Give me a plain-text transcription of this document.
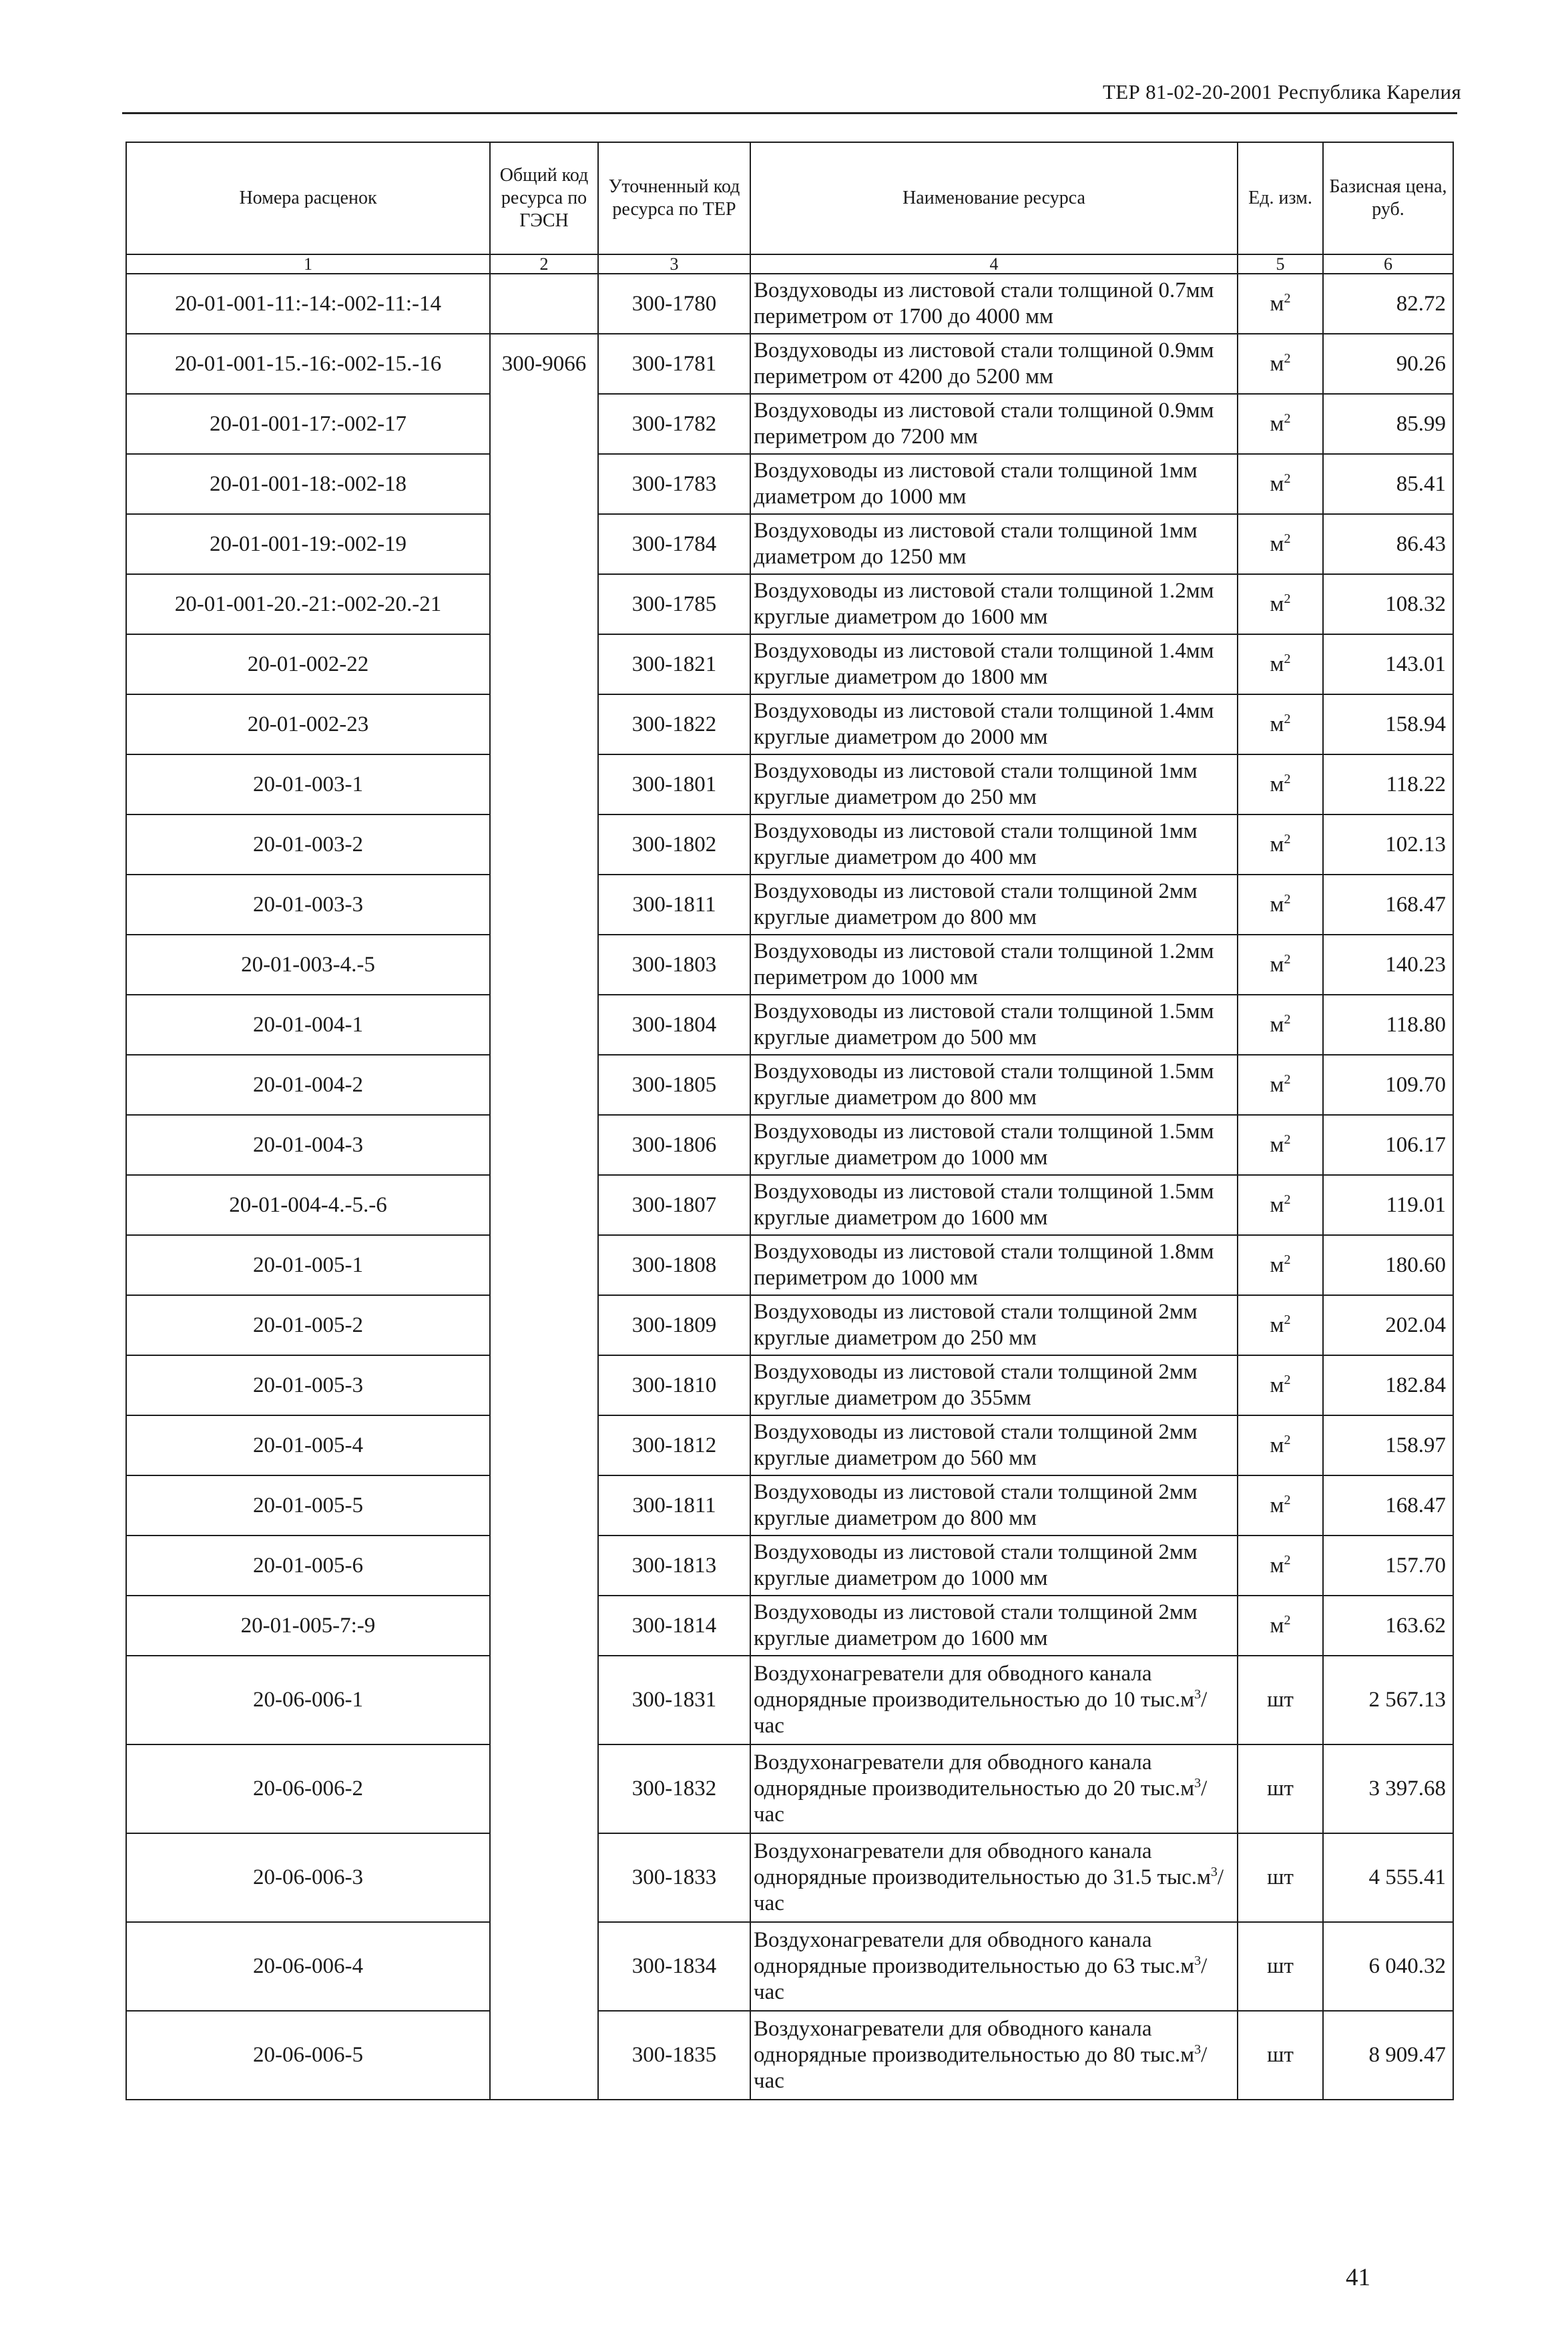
ТЕР 81-02-20-2001 Республика Карелия
Номера расценок	Общий код ресурса по ГЭСН	Уточненный код ресурса по ТЕР	Наименование ресурса	Ед. изм.	Базисная цена, руб.
1	2	3	4	5	6
20-01-001-11:-14:-002-11:-14		300-1780	Воздуховоды из листовой стали толщиной 0.7мм периметром от 1700 до 4000 мм	$м^2$	82.72
20-01-001-15.-16:-002-15.-16	300-9066	300-1781	Воздуховоды из листовой стали толщиной 0.9мм периметром от 4200 до 5200 мм	$м^2$	90.26
20-01-001-17:-002-17		300-1782	Воздуховоды из листовой стали толщиной 0.9мм периметром до 7200 мм	$м^2$	85.99
20-01-001-18:-002-18		300-1783	Воздуховоды из листовой стали толщиной 1мм диаметром до 1000 мм	$м^2$	85.41
20-01-001-19:-002-19		300-1784	Воздуховоды из листовой стали толщиной 1мм диаметром до 1250 мм	$м^2$	86.43
20-01-001-20.-21:-002-20.-21		300-1785	Воздуховоды из листовой стали толщиной 1.2мм круглые диаметром до 1600 мм	$м^2$	108.32
20-01-002-22		300-1821	Воздуховоды из листовой стали толщиной 1.4мм круглые диаметром до 1800 мм	$м^2$	143.01
20-01-002-23		300-1822	Воздуховоды из листовой стали толщиной 1.4мм круглые диаметром до 2000 мм	$м^2$	158.94
20-01-003-1		300-1801	Воздуховоды из листовой стали толщиной 1мм круглые диаметром до 250 мм	$м^2$	118.22
20-01-003-2		300-1802	Воздуховоды из листовой стали толщиной 1мм круглые диаметром до 400 мм	$м^2$	102.13
20-01-003-3		300-1811	Воздуховоды из листовой стали толщиной 2мм круглые диаметром до 800 мм	$м^2$	168.47
20-01-003-4.-5		300-1803	Воздуховоды из листовой стали толщиной 1.2мм периметром до 1000 мм	$м^2$	140.23
20-01-004-1		300-1804	Воздуховоды из листовой стали толщиной 1.5мм круглые диаметром до 500 мм	$м^2$	118.80
20-01-004-2		300-1805	Воздуховоды из листовой стали толщиной 1.5мм круглые диаметром до 800 мм	$м^2$	109.70
20-01-004-3		300-1806	Воздуховоды из листовой стали толщиной 1.5мм круглые диаметром до 1000 мм	$м^2$	106.17
20-01-004-4.-5.-6		300-1807	Воздуховоды из листовой стали толщиной 1.5мм круглые диаметром до 1600 мм	$м^2$	119.01
20-01-005-1		300-1808	Воздуховоды из листовой стали толщиной 1.8мм периметром до 1000 мм	$м^2$	180.60
20-01-005-2		300-1809	Воздуховоды из листовой стали толщиной 2мм круглые диаметром до 250 мм	$м^2$	202.04
20-01-005-3		300-1810	Воздуховоды из листовой стали толщиной 2мм круглые диаметром до 355мм	$м^2$	182.84
20-01-005-4		300-1812	Воздуховоды из листовой стали толщиной 2мм круглые диаметром до 560 мм	$м^2$	158.97
20-01-005-5		300-1811	Воздуховоды из листовой стали толщиной 2мм круглые диаметром до 800 мм	$м^2$	168.47
20-01-005-6		300-1813	Воздуховоды из листовой стали толщиной 2мм круглые диаметром до 1000 мм	$м^2$	157.70
20-01-005-7:-9		300-1814	Воздуховоды из листовой стали толщиной 2мм круглые диаметром до 1600 мм	$м^2$	163.62
20-06-006-1		300-1831	Воздухонагреватели для обводного канала однорядные производительностью до 10 $тыс.м^3$/час	шт	2 567.13
20-06-006-2		300-1832	Воздухонагреватели для обводного канала однорядные производительностью до 20 $тыс.м^3$/час	шт	3 397.68
20-06-006-3		300-1833	Воздухонагреватели для обводного канала однорядные производительностью до 31.5 $тыс.м^3$/час	шт	4 555.41
20-06-006-4		300-1834	Воздухонагреватели для обводного канала однорядные производительностью до 63 $тыс.м^3$/час	шт	6 040.32
20-06-006-5		300-1835	Воздухонагреватели для обводного канала однорядные производительностью до 80 $тыс.м^3$/час	шт	8 909.47
41
